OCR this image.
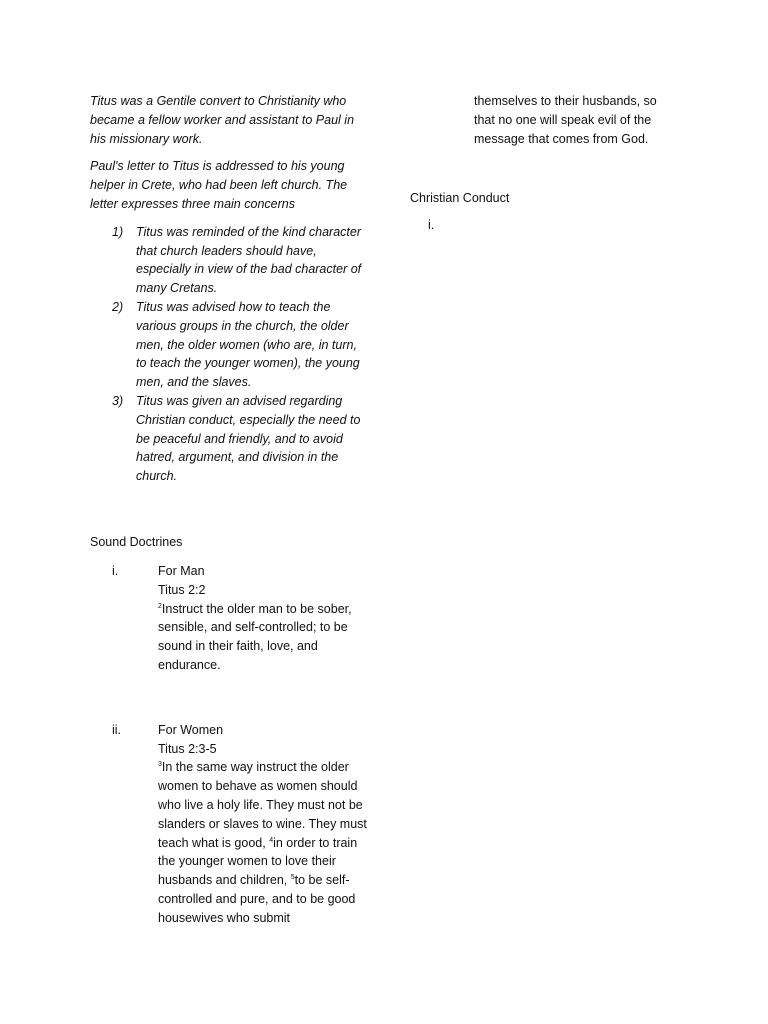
Titus was a Gentile convert to Christianity who became a fellow worker and assistant to Paul in his missionary work.

Paul's letter to Titus is addressed to his young helper in Crete, who had been left church. The letter expresses three main concerns

1) Titus was reminded of the kind character that church leaders should have, especially in view of the bad character of many Cretans.
2) Titus was advised how to teach the various groups in the church, the older men, the older women (who are, in turn, to teach the younger women), the young men, and the slaves.
3) Titus was given an advised regarding Christian conduct, especially the need to be peaceful and friendly, and to avoid hatred, argument, and division in the church.

Sound Doctrines

i.	For Man
Titus 2:2
$^2$Instruct the older man to be sober, sensible, and self-controlled; to be sound in their faith, love, and endurance.
ii.	For Women
Titus 2:3-5
$^3$In the same way instruct the older women to behave as women should who live a holy life. They must not be slanders or slaves to wine. They must teach what is good, $^4$in order to train the younger women to love their husbands and children, $^5$to be self-controlled and pure, and to be good housewives who submit

themselves to their husbands, so that no one will speak evil of the message that comes from God.

Christian Conduct

i.
